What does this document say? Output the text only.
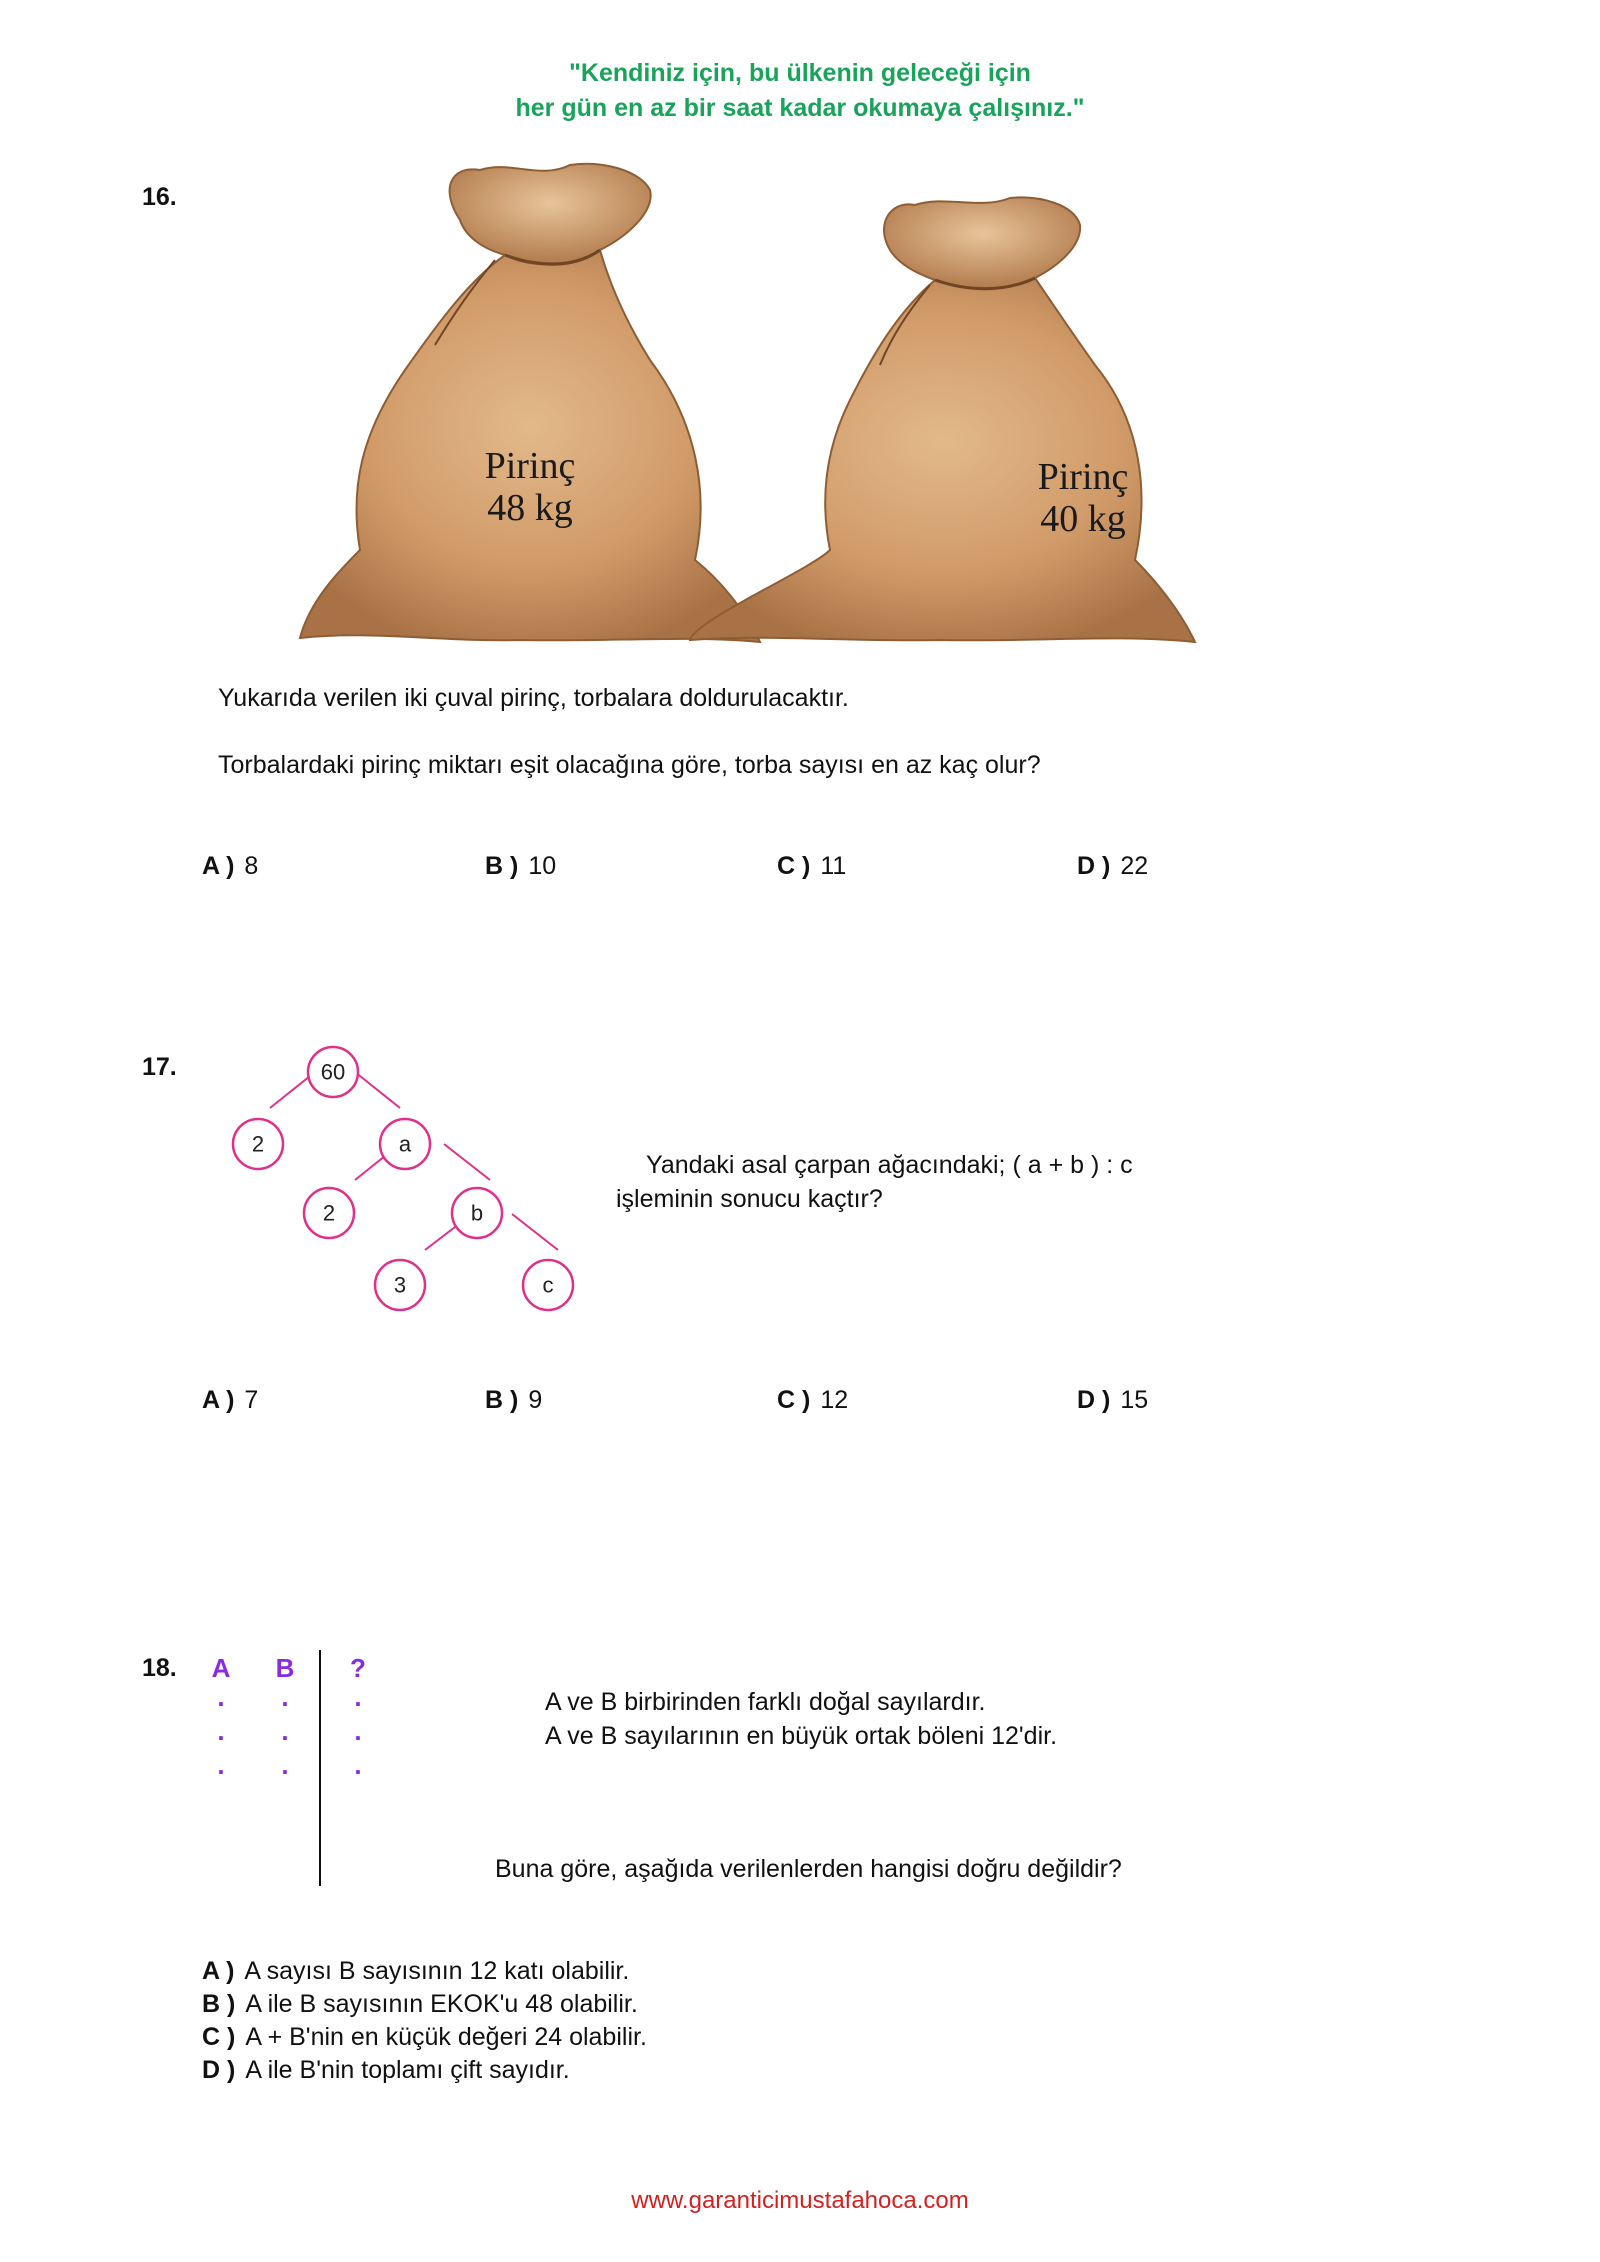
"Kendiniz için, bu ülkenin geleceği için
her gün en az bir saat kadar okumaya çalışınız."
16.
Pirinç
48 kg
Pirinç
40 kg
Yukarıda verilen iki çuval pirinç, torbalara doldurulacaktır.
Torbalardaki pirinç miktarı eşit olacağına göre, torba sayısı en az kaç olur?
A ) 8	B ) 10	C ) 11	D ) 22
17.	60
2	a
2	b
3	c
Yandaki asal çarpan ağacındaki; ( a + b ) : c
işleminin sonucu kaçtır?
A ) 7	B ) 9	C ) 12	D ) 15
18. A B ?
.
.
.
.
.
.
.
.
.
A ve B birbirinden farklı doğal sayılardır.
A ve B sayılarının en büyük ortak böleni 12'dir.
Buna göre, aşağıda verilenlerden hangisi doğru değildir?
A ) A sayısı B sayısının 12 katı olabilir.
B ) A ile B sayısının EKOK'u 48 olabilir.
C ) A + B'nin en küçük değeri 24 olabilir.
D ) A ile B'nin toplamı çift sayıdır.
www.garanticimustafahoca.com
